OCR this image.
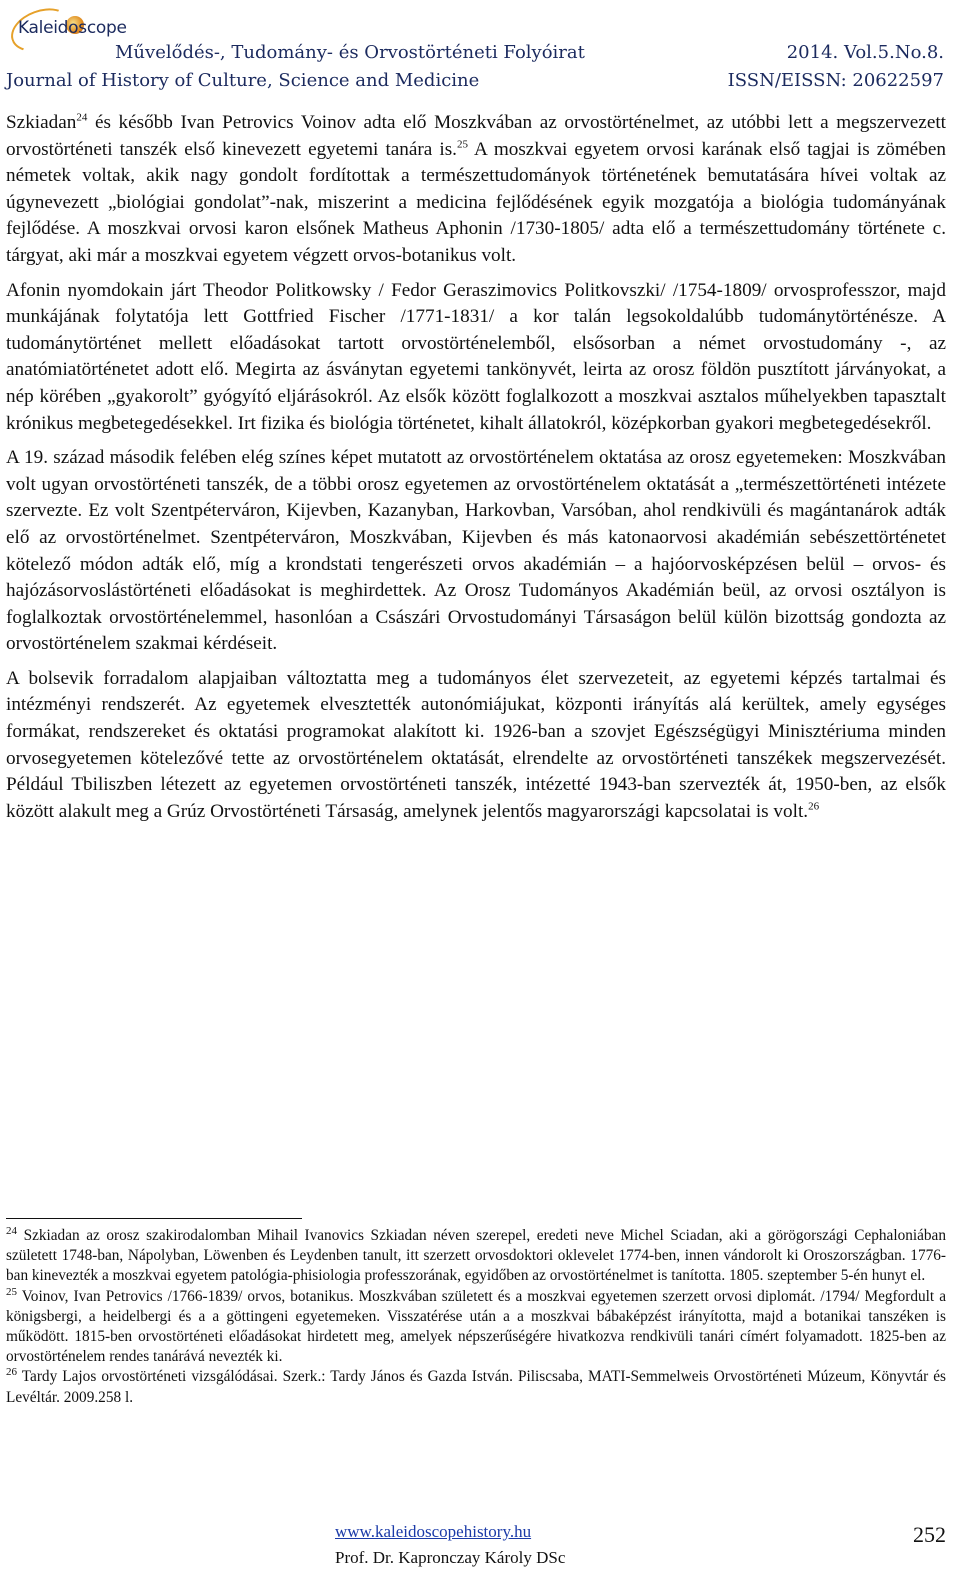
Kaleidoscope
Művelődés-, Tudomány- és Orvostörténeti Folyóirat	2014. Vol.5.No.8.
Journal of History of Culture, Science and Medicine	ISSN/EISSN: 20622597

Szkiadan$^{24}$ és később Ivan Petrovics Voinov adta elő Moszkvában az orvostörténelmet, az utóbbi lett a megszervezett orvostörténeti tanszék első kinevezett egyetemi tanára is.$^{25}$ A moszkvai egyetem orvosi karának első tagjai is zömében németek voltak, akik nagy gondolt fordítottak a természettudományok történetének bemutatására hívei voltak az úgynevezett „biológiai gondolat”-nak, miszerint a medicina fejlődésének egyik mozgatója a biológia tudományának fejlődése. A moszkvai orvosi karon elsőnek Matheus Aphonin /1730-1805/ adta elő a természettudomány története c. tárgyat, aki már a moszkvai egyetem végzett orvos-botanikus volt.

Afonin nyomdokain járt Theodor Politkowsky / Fedor Geraszimovics Politkovszki/ /1754-1809/ orvosprofesszor, majd munkájának folytatója lett Gottfried Fischer /1771-1831/ a kor talán legsokoldalúbb tudománytörténésze. A tudománytörténet mellett előadásokat tartott orvostörténelemből, elsősorban a német orvostudomány -, az anatómiatörténetet adott elő. Megirta az ásványtan egyetemi tankönyvét, leirta az orosz földön pusztított járványokat, a nép körében „gyakorolt” gyógyító eljárásokról. Az elsők között foglalkozott a moszkvai asztalos műhelyekben tapasztalt krónikus megbetegedésekkel. Irt fizika és biológia történetet, kihalt állatokról, középkorban gyakori megbetegedésekről.

A 19. század második felében elég színes képet mutatott az orvostörténelem oktatása az orosz egyetemeken: Moszkvában volt ugyan orvostörténeti tanszék, de a többi orosz egyetemen az orvostörténelem oktatását a „természettörténeti intézete szervezte. Ez volt Szentpéterváron, Kijevben, Kazanyban, Harkovban, Varsóban, ahol rendkivüli és magántanárok adták elő az orvostörténelmet. Szentpéterváron, Moszkvában, Kijevben és más katonaorvosi akadémián sebészettörténetet kötelező módon adták elő, míg a krondstati tengerészeti orvos akadémián – a hajóorvosképzésen belül – orvos- és hajózásorvoslástörténeti előadásokat is meghirdettek. Az Orosz Tudományos Akadémián beül, az orvosi osztályon is foglalkoztak orvostörténelemmel, hasonlóan a Császári Orvostudományi Társaságon belül külön bizottság gondozta az orvostörténelem szakmai kérdéseit.

A bolsevik forradalom alapjaiban változtatta meg a tudományos élet szervezeteit, az egyetemi képzés tartalmai és intézményi rendszerét. Az egyetemek elvesztették autonómiájukat, központi irányítás alá kerültek, amely egységes formákat, rendszereket és oktatási programokat alakított ki. 1926-ban a szovjet Egészségügyi Minisztériuma minden orvosegyetemen kötelezővé tette az orvostörténelem oktatását, elrendelte az orvostörténeti tanszékek megszervezését. Például Tbiliszben létezett az egyetemen orvostörténeti tanszék, intézetté 1943-ban szervezték át, 1950-ben, az elsők között alakult meg a Grúz Orvostörténeti Társaság, amelynek jelentős magyarországi kapcsolatai is volt.$^{26}$

$^{24}$ Szkiadan az orosz szakirodalomban Mihail Ivanovics Szkiadan néven szerepel, eredeti neve Michel Sciadan, aki a görögországi Cephaloniában született 1748-ban, Nápolyban, Löwenben és Leydenben tanult, itt szerzett orvosdoktori oklevelet 1774-ben, innen vándorolt ki Oroszországban. 1776-ban kinevezték a moszkvai egyetem patológia-phisiologia professzorának, egyidőben az orvostörténelmet is tanította. 1805. szeptember 5-én hunyt el.

$^{25}$ Voinov, Ivan Petrovics /1766-1839/ orvos, botanikus. Moszkvában született és a moszkvai egyetemen szerzett orvosi diplomát. /1794/ Megfordult a königsbergi, a heidelbergi és a a göttingeni egyetemeken. Visszatérése után a a moszkvai bábaképzést irányította, majd a botanikai tanszéken is működött. 1815-ben orvostörténeti előadásokat hirdetett meg, amelyek népszerűségére hivatkozva rendkivüli tanári címért folyamadott. 1825-ben az orvostörténelem rendes tanárává nevezték ki.

$^{26}$ Tardy Lajos orvostörténeti vizsgálódásai. Szerk.: Tardy János és Gazda István. Piliscsaba, MATI-Semmelweis Orvostörténeti Múzeum, Könyvtár és Levéltár. 2009.258 l.

www.kaleidoscopehistory.hu
Prof. Dr. Kapronczay Károly DSc
252
